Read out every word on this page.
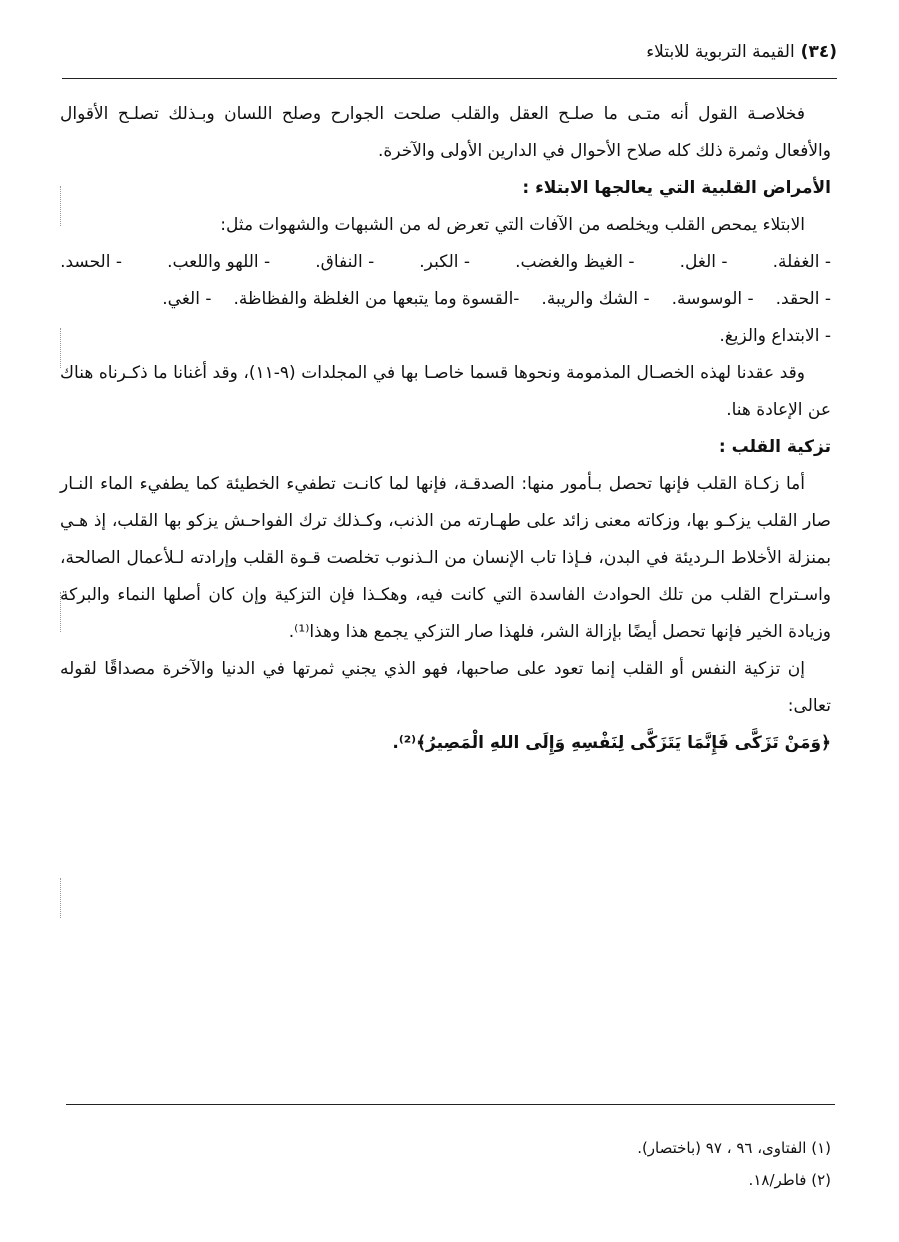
(٣٤)
القيمة التربوية للابتلاء

فخلاصـة القول أنه متـى ما صلـح العقل والقلب صلحت الجوارح وصلح اللسان وبـذلك تصلـح الأقوال والأفعال وثمرة ذلك كله صلاح الأحوال في الدارين الأولى والآخرة.

الأمراض القلبية التي يعالجها الابتلاء :

الابتلاء يمحص القلب ويخلصه من الآفات التي تعرض له من الشبهات والشهوات مثل:

- الغفلة.
- الغل.
- الغيظ والغضب.
- الكبر.
- النفاق.
- اللهو واللعب.
- الحسد.
- الحقد.
- الوسوسة.
- الشك والريبة.
-القسوة وما يتبعها من الغلظة والفظاظة.
- الغي.
- الابتداع والزيغ.

وقد عقدنا لهذه الخصـال المذمومة ونحوها قسما خاصـا بها في المجلدات (٩-١١)، وقد أغنانا ما ذكـرناه هناك عن الإعادة هنا.

تزكية القلب :

أما زكـاة القلب فإنها تحصل بـأمور منها: الصدقـة، فإنها لما كانـت تطفيء الخطيئة كما يطفيء الماء النـار صار القلب يزكـو بها، وزكاته معنى زائد على طهـارته من الذنب، وكـذلك ترك الفواحـش يزكو بها القلب، إذ هـي بمنزلة الأخلاط الـرديئة في البدن، فـإذا تاب الإنسان من الـذنوب تخلصت قـوة القلب وإرادته لـلأعمال الصالحة، واسـتراح القلب من تلك الحوادث الفاسدة التي كانت فيه، وهكـذا فإن التزكية وإن كان أصلها النماء والبركة وزيادة الخير فإنها تحصل أيضًا بإزالة الشر، فلهذا صار التزكي يجمع هذا وهذا⁽¹⁾.

إن تزكية النفس أو القلب إنما تعود على صاحبها، فهو الذي يجني ثمرتها في الدنيا والآخرة مصداقًا لقوله تعالى:

﴿وَمَنْ تَزَكَّى فَإِنَّمَا يَتَزَكَّى لِنَفْسِهِ وَإِلَى اللهِ الْمَصِيرُ﴾⁽²⁾.

(١) الفتاوى، ٩٦ ، ٩٧ (باختصار).

(٢) فاطر/١٨.
